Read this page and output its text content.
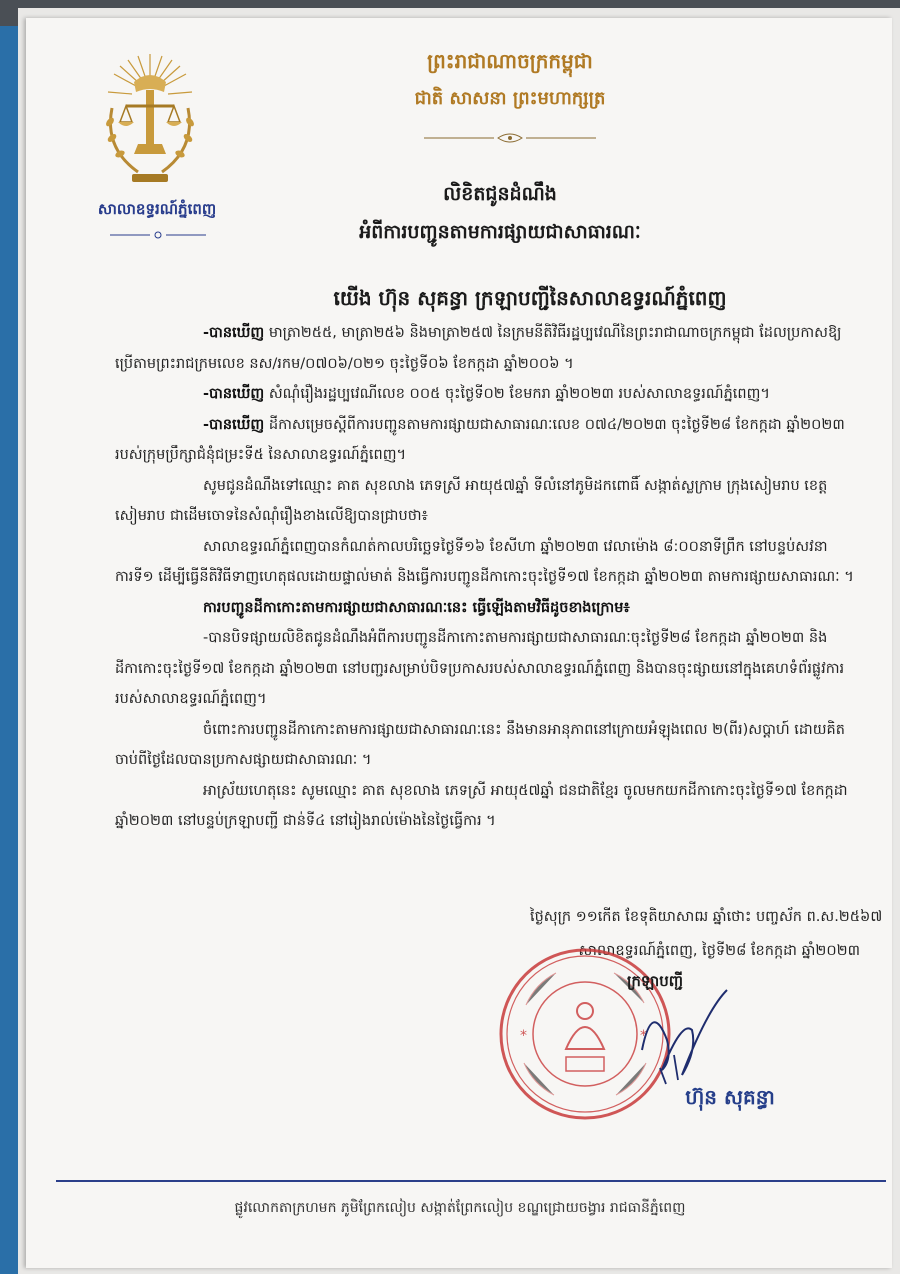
សាលាឧទ្ធរណ៍ភ្នំពេញ
ព្រះរាជាណាចក្រកម្ពុជា
ជាតិ សាសនា ព្រះមហាក្សត្រ
លិខិតជូនដំណឹង
អំពីការបញ្ជូនតាមការផ្សាយជាសាធារណៈ
យើង ហ៊ុន សុគន្ធា ក្រឡាបញ្ជីនៃសាលាឧទ្ធរណ៍ភ្នំពេញ

-បានឃើញ មាត្រា២៥៥, មាត្រា២៥៦ និងមាត្រា២៥៧ នៃក្រមនីតិវិធីរដ្ឋប្បវេណីនៃព្រះរាជាណាចក្រកម្ពុជា ដែលប្រកាសឱ្យប្រើតាមព្រះរាជក្រមលេខ នស/រកម/០៧០៦/០២១ ចុះថ្ងៃទី០៦ ខែកក្កដា ឆ្នាំ២០០៦ ។

-បានឃើញ សំណុំរឿងរដ្ឋប្បវេណីលេខ ០០៥ ចុះថ្ងៃទី០២ ខែមករា ឆ្នាំ២០២៣ របស់សាលាឧទ្ធរណ៍ភ្នំពេញ។

-បានឃើញ ដីកាសម្រេចស្ដីពីការបញ្ជូនតាមការផ្សាយជាសាធារណៈលេខ ០៧៤/២០២៣ ចុះថ្ងៃទី២៨ ខែកក្កដា ឆ្នាំ២០២៣ របស់ក្រុមប្រឹក្សាជំនុំជម្រះទី៥ នៃសាលាឧទ្ធរណ៍ភ្នំពេញ។

សូមជូនដំណឹងទៅឈ្មោះ គាត សុខលាង ភេទស្រី អាយុ៥៧ឆ្នាំ ទីលំនៅភូមិដកពោធិ៍ សង្កាត់ស្លក្រាម ក្រុងសៀមរាប ខេត្តសៀមរាប ជាដើមចោទនៃសំណុំរឿងខាងលើឱ្យបានជ្រាបថា៖

សាលាឧទ្ធរណ៍ភ្នំពេញបានកំណត់កាលបរិច្ឆេទថ្ងៃទី១៦ ខែសីហា ឆ្នាំ២០២៣ វេលាម៉ោង ៨:០០នាទីព្រឹក នៅបន្ទប់សវនាការទី១ ដើម្បីធ្វើនីតិវិធីទាញហេតុផលដោយផ្ទាល់មាត់ និងធ្វើការបញ្ជូនដីកាកោះចុះថ្ងៃទី១៧ ខែកក្កដា ឆ្នាំ២០២៣ តាមការផ្សាយសាធារណៈ ។

ការបញ្ជូនដីកាកោះតាមការផ្សាយជាសាធារណៈនេះ ធ្វើឡើងតាមវិធីដូចខាងក្រោម៖

-បានបិទផ្សាយលិខិតជូនដំណឹងអំពីការបញ្ជូនដីកាកោះតាមការផ្សាយជាសាធារណៈចុះថ្ងៃទី២៨ ខែកក្កដា ឆ្នាំ២០២៣ និងដីកាកោះចុះថ្ងៃទី១៧ ខែកក្កដា ឆ្នាំ២០២៣ នៅបញ្ជរសម្រាប់បិទប្រកាសរបស់សាលាឧទ្ធរណ៍ភ្នំពេញ និងបានចុះផ្សាយនៅក្នុងគេហទំព័រផ្លូវការរបស់សាលាឧទ្ធរណ៍ភ្នំពេញ។

ចំពោះការបញ្ជូនដីកាកោះតាមការផ្សាយជាសាធារណៈនេះ នឹងមានអានុភាពនៅក្រោយអំឡុងពេល ២(ពីរ)សប្ដាហ៍ ដោយគិតចាប់ពីថ្ងៃដែលបានប្រកាសផ្សាយជាសាធារណៈ ។

អាស្រ័យហេតុនេះ សូមឈ្មោះ គាត សុខលាង ភេទស្រី អាយុ៥៧ឆ្នាំ ជនជាតិខ្មែរ ចូលមកយកដីកាកោះចុះថ្ងៃទី១៧ ខែកក្កដា ឆ្នាំ២០២៣ នៅបន្ទប់ក្រឡាបញ្ជី ជាន់ទី៤ នៅរៀងរាល់ម៉ោងនៃថ្ងៃធ្វើការ ។

ថ្ងៃសុក្រ ១១កើត ខែទុតិយាសាឍ ឆ្នាំថោះ បញ្ចស័ក ព.ស.២៥៦៧
សាលាឧទ្ធរណ៍ភ្នំពេញ, ថ្ងៃទី២៨ ខែកក្កដា ឆ្នាំ២០២៣
*	*
ក្រឡាបញ្ជី
ហ៊ុន សុគន្ធា
ផ្លូវលោកតាក្រហមក ភូមិព្រែកលៀប សង្កាត់ព្រែកលៀប ខណ្ឌជ្រោយចង្វារ រាជធានីភ្នំពេញ
